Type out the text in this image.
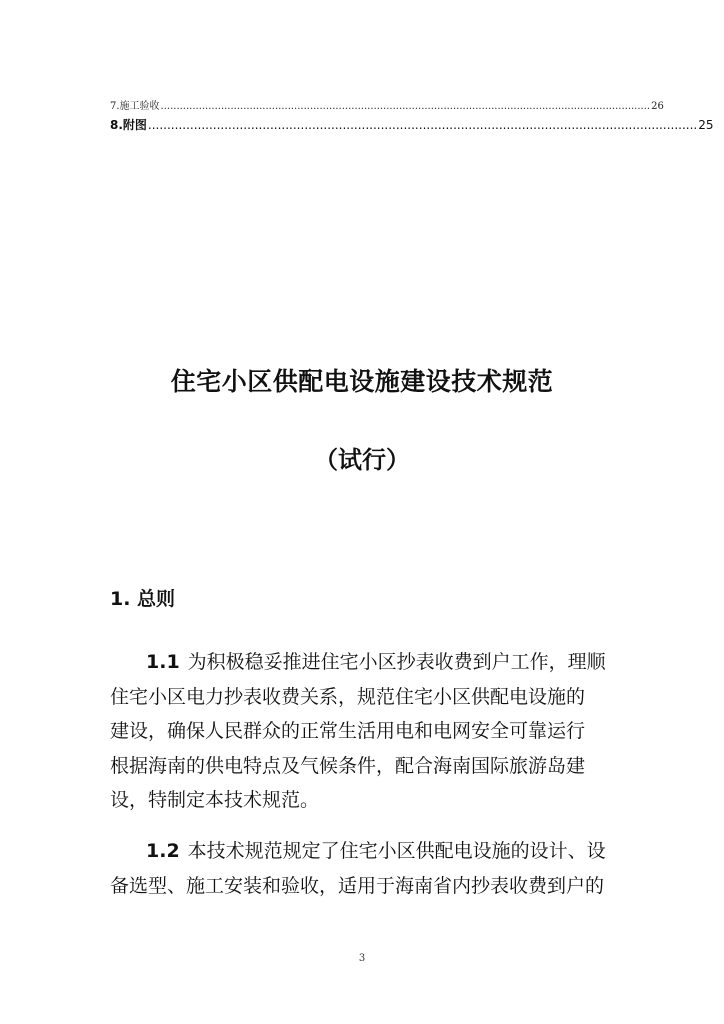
7.施工验收 .......................................................................................................................................................... 26
8.附图 ................................................................................................................................................ 25
住宅小区供配电设施建设技术规范
（试行）
1. 总则
1.1 为积极稳妥推进住宅小区抄表收费到户工作，理顺
住宅小区电力抄表收费关系，规范住宅小区供配电设施的
建设，确保人民群众的正常生活用电和电网安全可靠运行
根据海南的供电特点及气候条件，配合海南国际旅游岛建
设，特制定本技术规范。
1.2 本技术规范规定了住宅小区供配电设施的设计、设
备选型、施工安装和验收，适用于海南省内抄表收费到户的
3
